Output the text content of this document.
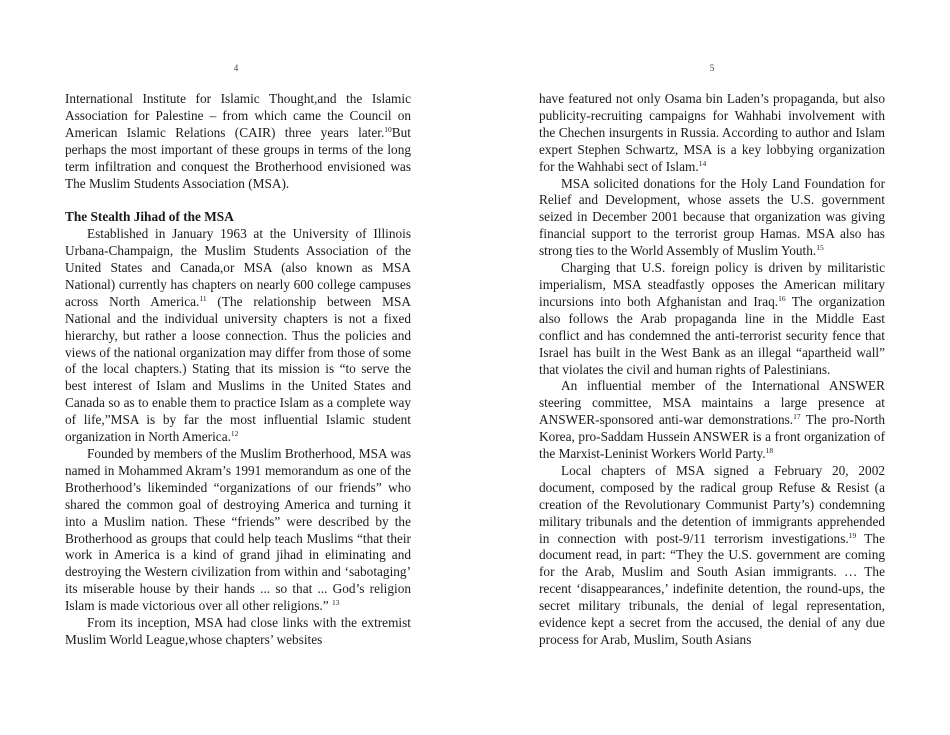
4

International Institute for Islamic Thought,and the Islamic Association for Palestine – from which came the Council on American Islamic Relations (CAIR) three years later.$^{10}$But perhaps the most important of these groups in terms of the long term infiltration and conquest the Brotherhood envisioned was The Muslim Students Association (MSA).

The Stealth Jihad of the MSA

Established in January 1963 at the University of Illinois Urbana-Champaign, the Muslim Students Association of the United States and Canada,or MSA (also known as MSA National) currently has chapters on nearly 600 college campuses across North America.$^{11}$ (The relationship between MSA National and the individual university chapters is not a fixed hierarchy, but rather a loose connection. Thus the policies and views of the national organization may differ from those of some of the local chapters.) Stating that its mission is “to serve the best interest of Islam and Muslims in the United States and Canada so as to enable them to practice Islam as a complete way of life,”MSA is by far the most influential Islamic student organization in North America.$^{12}$

Founded by members of the Muslim Brotherhood, MSA was named in Mohammed Akram’s 1991 memorandum as one of the Brotherhood’s likeminded “organizations of our friends” who shared the common goal of destroying America and turning it into a Muslim nation. These “friends” were described by the Brotherhood as groups that could help teach Muslims “that their work in America is a kind of grand jihad in eliminating and destroying the Western civilization from within and ‘sabotaging’ its miserable house by their hands ... so that ... God’s religion Islam is made victorious over all other religions.” $^{13}$

From its inception, MSA had close links with the extremist Muslim World League,whose chapters’ websites

5

have featured not only Osama bin Laden’s propaganda, but also publicity-recruiting campaigns for Wahhabi involvement with the Chechen insurgents in Russia. According to author and Islam expert Stephen Schwartz, MSA is a key lobbying organization for the Wahhabi sect of Islam.$^{14}$

MSA solicited donations for the Holy Land Foundation for Relief and Development, whose assets the U.S. government seized in December 2001 because that organization was giving financial support to the terrorist group Hamas. MSA also has strong ties to the World Assembly of Muslim Youth.$^{15}$

Charging that U.S. foreign policy is driven by militaristic imperialism, MSA steadfastly opposes the American military incursions into both Afghanistan and Iraq.$^{16}$ The organization also follows the Arab propaganda line in the Middle East conflict and has condemned the anti-terrorist security fence that Israel has built in the West Bank as an illegal “apartheid wall” that violates the civil and human rights of Palestinians.

An influential member of the International ANSWER steering committee, MSA maintains a large presence at ANSWER-sponsored anti-war demonstrations.$^{17}$ The pro-North Korea, pro-Saddam Hussein ANSWER is a front organization of the Marxist-Leninist Workers World Party.$^{18}$

Local chapters of MSA signed a February 20, 2002 document, composed by the radical group Refuse & Resist (a creation of the Revolutionary Communist Party’s) condemning military tribunals and the detention of immigrants apprehended in connection with post-9/11 terrorism investigations.$^{19}$ The document read, in part: “They the U.S. government are coming for the Arab, Muslim and South Asian immigrants. … The recent ‘disappearances,’ indefinite detention, the round-ups, the secret military tribunals, the denial of legal representation, evidence kept a secret from the accused, the denial of any due process for Arab, Muslim, South Asians
